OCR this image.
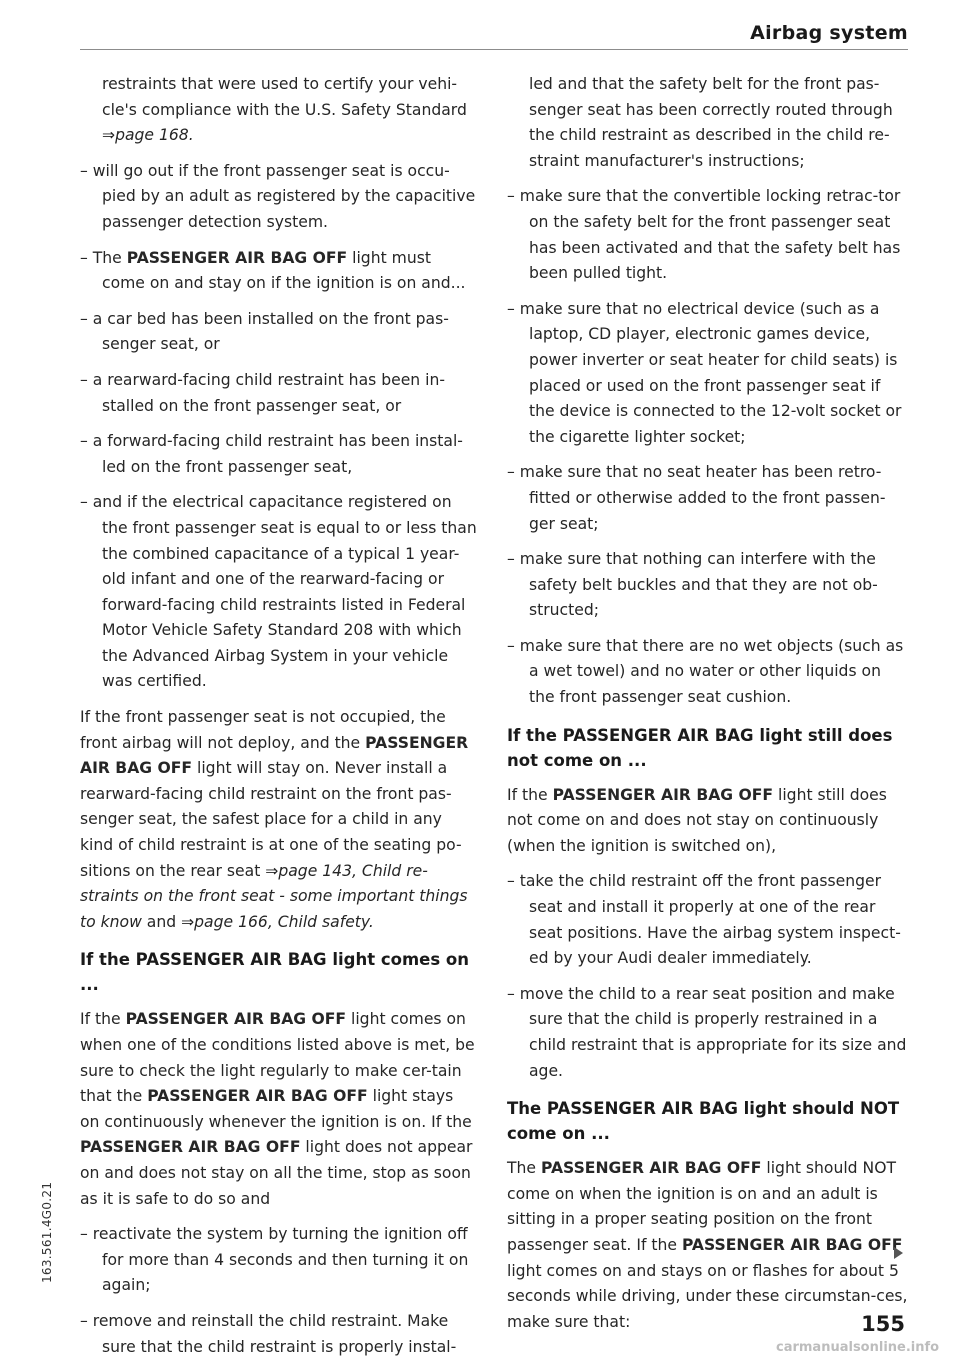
Airbag system

restraints that were used to certify your vehi-cle's compliance with the U.S. Safety Standard
⇒page 168.

– will go out if the front passenger seat is occu-pied by an adult as registered by the capacitive passenger detection system.

– The PASSENGER AIR BAG OFF light must come on and stay on if the ignition is on and...

– a car bed has been installed on the front pas-senger seat, or

– a rearward-facing child restraint has been in-stalled on the front passenger seat, or

– a forward-facing child restraint has been instal-led on the front passenger seat,

– and if the electrical capacitance registered on the front passenger seat is equal to or less than the combined capacitance of a typical 1 year-old infant and one of the rearward-facing or forward-facing child restraints listed in Federal Motor Vehicle Safety Standard 208 with which the Advanced Airbag System in your vehicle was certified.

If the front passenger seat is not occupied, the front airbag will not deploy, and the PASSENGER AIR BAG OFF light will stay on. Never install a rearward-facing child restraint on the front pas-senger seat, the safest place for a child in any kind of child restraint is at one of the seating po-sitions on the rear seat ⇒page 143, Child re-straints on the front seat - some important things to know and ⇒page 166, Child safety.

If the PASSENGER AIR BAG light comes on ...

If the PASSENGER AIR BAG OFF light comes on when one of the conditions listed above is met, be sure to check the light regularly to make cer-tain that the PASSENGER AIR BAG OFF light stays on continuously whenever the ignition is on. If the PASSENGER AIR BAG OFF light does not appear on and does not stay on all the time, stop as soon as it is safe to do so and

– reactivate the system by turning the ignition off for more than 4 seconds and then turning it on again;

– remove and reinstall the child restraint. Make sure that the child restraint is properly instal-

led and that the safety belt for the front pas-senger seat has been correctly routed through the child restraint as described in the child re-straint manufacturer's instructions;

– make sure that the convertible locking retrac-tor on the safety belt for the front passenger seat has been activated and that the safety belt has been pulled tight.

– make sure that no electrical device (such as a laptop, CD player, electronic games device, power inverter or seat heater for child seats) is placed or used on the front passenger seat if the device is connected to the 12-volt socket or the cigarette lighter socket;

– make sure that no seat heater has been retro-fitted or otherwise added to the front passen-ger seat;

– make sure that nothing can interfere with the safety belt buckles and that they are not ob-structed;

– make sure that there are no wet objects (such as a wet towel) and no water or other liquids on the front passenger seat cushion.

If the PASSENGER AIR BAG light still does not come on ...

If the PASSENGER AIR BAG OFF light still does not come on and does not stay on continuously (when the ignition is switched on),

– take the child restraint off the front passenger seat and install it properly at one of the rear seat positions. Have the airbag system inspect-ed by your Audi dealer immediately.

– move the child to a rear seat position and make sure that the child is properly restrained in a child restraint that is appropriate for its size and age.

The PASSENGER AIR BAG light should NOT come on ...

The PASSENGER AIR BAG OFF light should NOT come on when the ignition is on and an adult is sitting in a proper seating position on the front passenger seat. If the PASSENGER AIR BAG OFF light comes on and stays on or flashes for about 5 seconds while driving, under these circumstan-ces, make sure that:	155
163.561.4G0.21
carmanualsonline.info
